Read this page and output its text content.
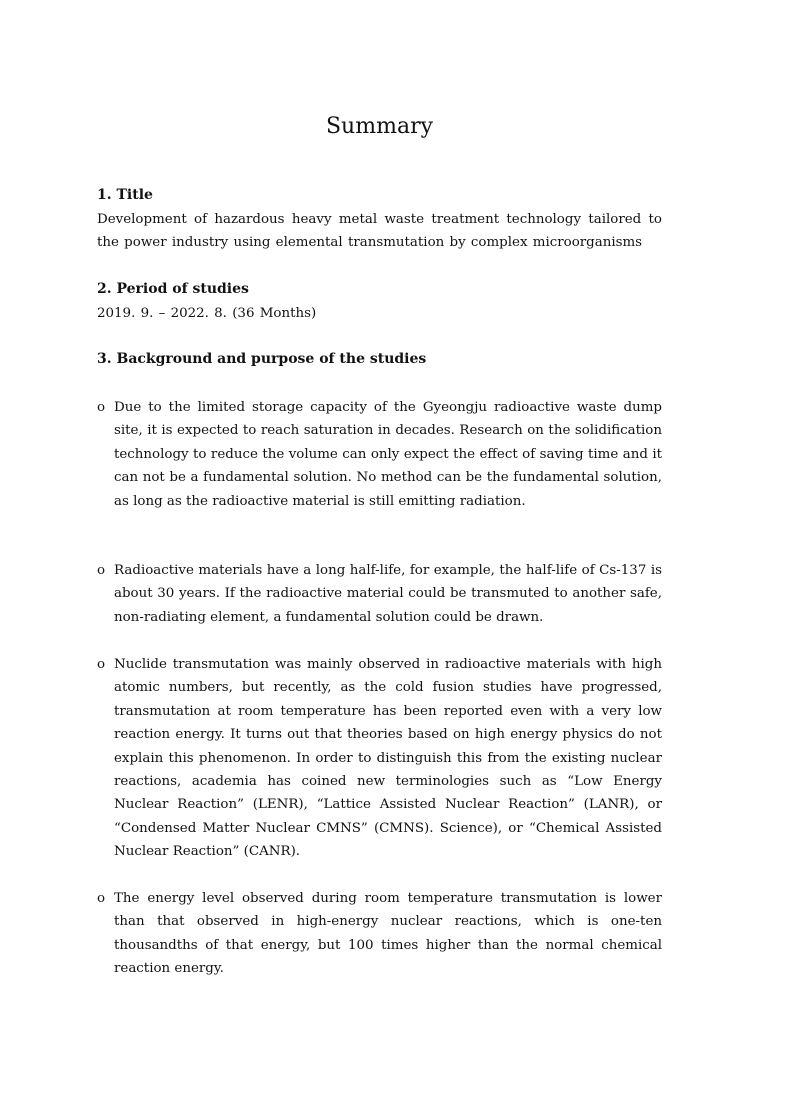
Summary
1. Title

Development of hazardous heavy metal waste treatment technology tailored to the power industry using elemental transmutation by complex microorganisms

2. Period of studies

2019. 9. – 2022. 8. (36 Months)

3. Background and purpose of the studies

o Due to the limited storage capacity of the Gyeongju radioactive waste dump site, it is expected to reach saturation in decades. Research on the solidification technology to reduce the volume can only expect the effect of saving time and it can not be a fundamental solution. No method can be the fundamental solution, as long as the radioactive material is still emitting radiation.

o Radioactive materials have a long half-life, for example, the half-life of Cs-137 is about 30 years. If the radioactive material could be transmuted to another safe, non-radiating element, a fundamental solution could be drawn.

o Nuclide transmutation was mainly observed in radioactive materials with high atomic numbers, but recently, as the cold fusion studies have progressed, transmutation at room temperature has been reported even with a very low reaction energy. It turns out that theories based on high energy physics do not explain this phenomenon. In order to distinguish this from the existing nuclear reactions, academia has coined new terminologies such as “Low Energy Nuclear Reaction” (LENR), “Lattice Assisted Nuclear Reaction” (LANR), or “Condensed Matter Nuclear CMNS” (CMNS). Science), or “Chemical Assisted Nuclear Reaction” (CANR).

o The energy level observed during room temperature transmutation is lower than that observed in high-energy nuclear reactions, which is one-ten thousandths of that energy, but 100 times higher than the normal chemical reaction energy.
